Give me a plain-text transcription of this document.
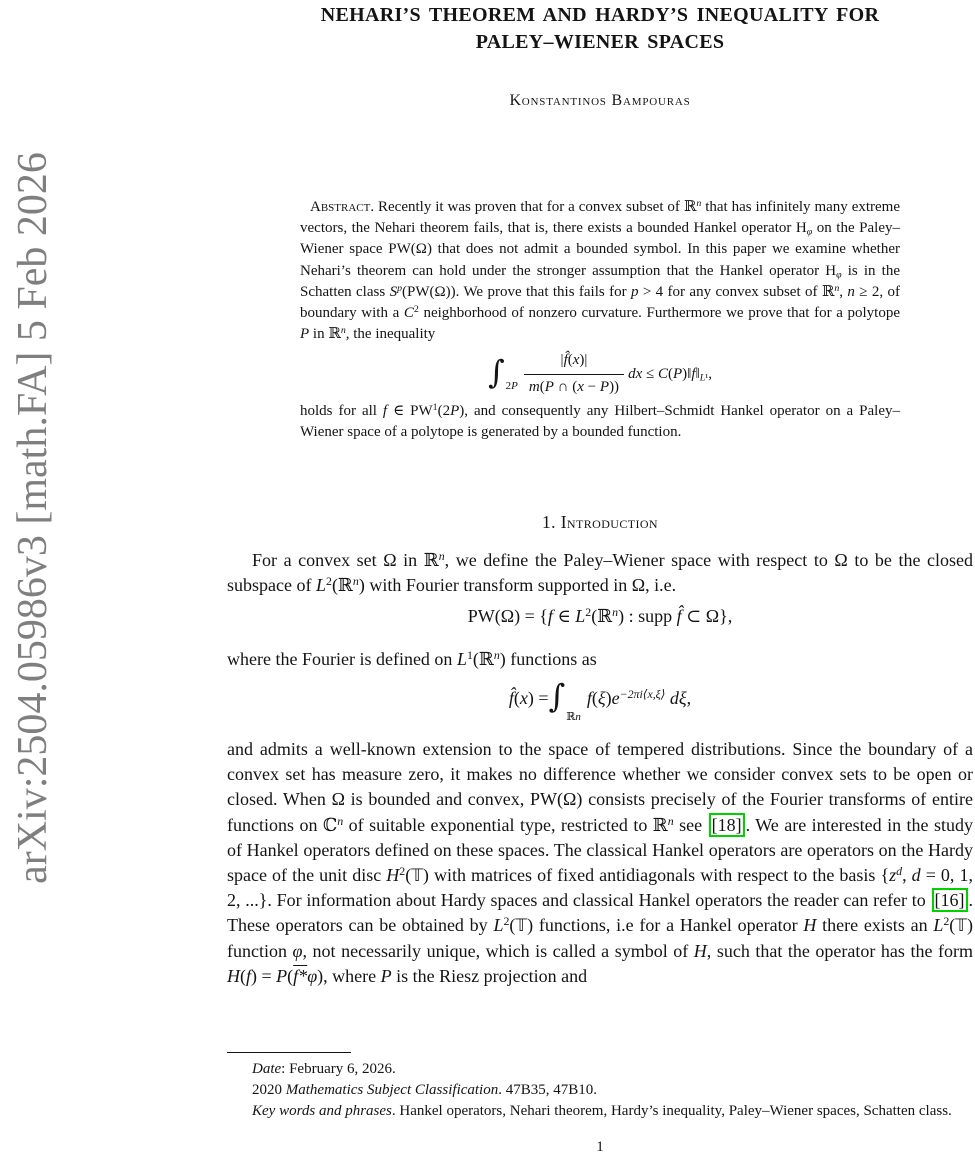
arXiv:2504.05986v3 [math.FA] 5 Feb 2026
NEHARI’S THEOREM AND HARDY’S INEQUALITY FOR
PALEY–WIENER SPACES
Konstantinos Bampouras

Abstract. Recently it was proven that for a convex subset of ℝ$^n$ that has infinitely many extreme vectors, the Nehari theorem fails, that is, there exists a bounded Hankel operator $H_\varphi$ on the Paley–Wiener space PW(Ω) that does not admit a bounded symbol. In this paper we examine whether Nehari’s theorem can hold under the stronger assumption that the Hankel operator $H_\varphi$ is in the Schatten class $S^p(PW(\Omega))$. We prove that this fails for p > 4 for any convex subset of ℝ$^n$, n ≥ 2, of boundary with a $C^2$ neighborhood of nonzero curvature. Furthermore we prove that for a polytope P in ℝ$^n$, the inequality

∫ $2P \frac{|f̂(x)|}{m(P \cap (x - P))}$ dx ≤ $C(P)‖f‖_{L^1}$,

holds for all f ∈ $PW^1(2P)$, and consequently any Hilbert–Schmidt Hankel operator on a Paley–Wiener space of a polytope is generated by a bounded function.

1. Introduction

For a convex set Ω in ℝ$^n$, we define the Paley–Wiener space with respect to Ω to be the closed subspace of $L^2(ℝ^n)$ with Fourier transform supported in Ω, i.e.

PW(Ω) = {f ∈ $L^2(ℝ^n)$ : supp f̂ ⊂ Ω},

where the Fourier is defined on $L^1(ℝ^n)$ functions as

f̂(x) = ∫
ℝn
$f(\xi)e^{-2\pi i⟨x,\xi⟩}$ dξ,

and admits a well-known extension to the space of tempered distributions. Since the boundary of a convex set has measure zero, it makes no difference whether we consider convex sets to be open or closed. When Ω is bounded and convex, PW(Ω) consists precisely of the Fourier transforms of entire functions on ℂ$^n$ of suitable exponential type, restricted to ℝ$^n$ see [18] . We are interested in the study of Hankel operators defined on these spaces. The classical Hankel operators are operators on the Hardy space of the unit disc $H^2(𝕋)$ with matrices of fixed antidiagonals with respect to the basis {$z^d$, d = 0, 1, 2, ...}. For information about Hardy spaces and classical Hankel operators the reader can refer to [16] . These operators can be obtained by $L^2(𝕋)$ functions, i.e for a Hankel operator H there exists an $L^2(𝕋)$ function φ, not necessarily unique, which is called a symbol of H, such that the operator has the form H(f) = P(f*φ), where P is the Riesz projection and

Date: February 6, 2026.

2020 Mathematics Subject Classification. 47B35, 47B10.

Key words and phrases. Hankel operators, Nehari theorem, Hardy’s inequality, Paley–Wiener spaces, Schatten class.

1
